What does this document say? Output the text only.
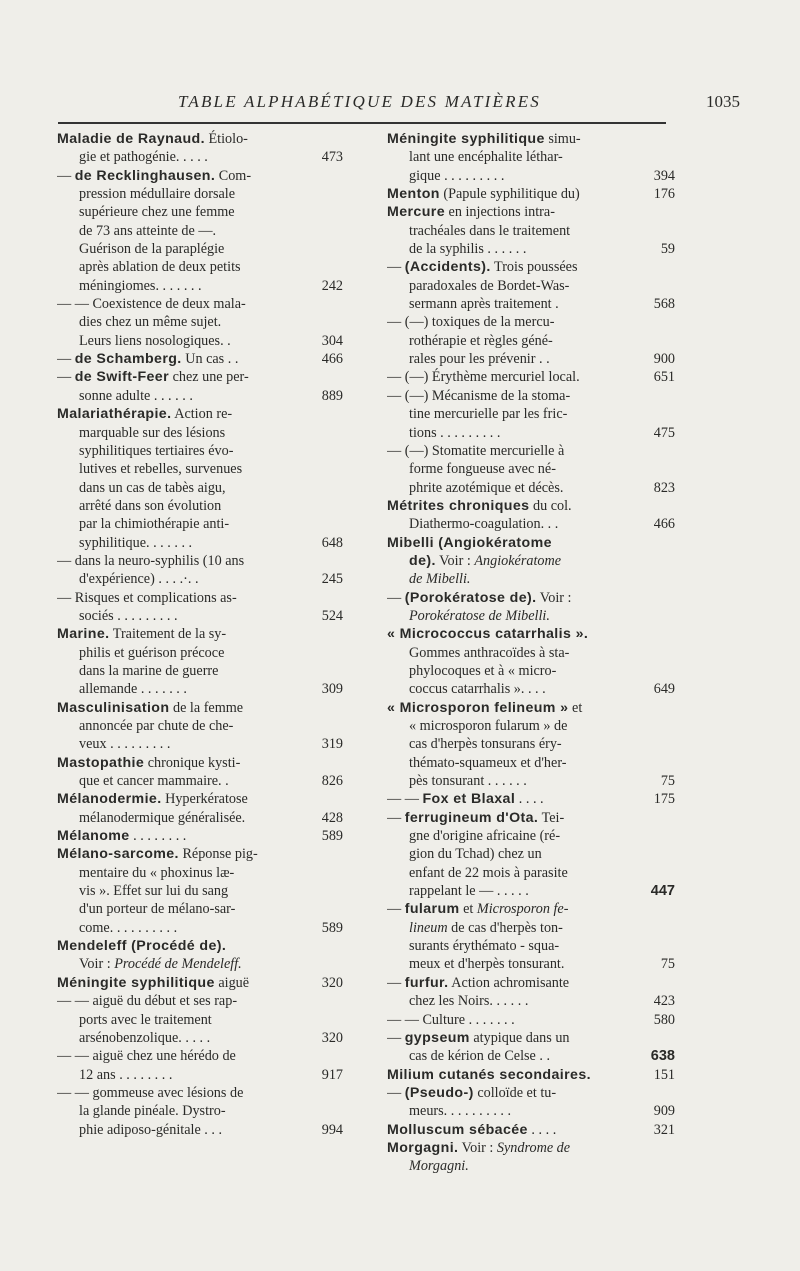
TABLE ALPHABÉTIQUE DES MATIÈRES	1035
Maladie de Raynaud. Étiolo-
gie et pathogénie. . . . .	473
— de Recklinghausen. Com-
pression médullaire dorsale
supérieure chez une femme
de 73 ans atteinte de —.
Guérison de la paraplégie
après ablation de deux petits
méningiomes. . . . . . .	242
— — Coexistence de deux mala-
dies chez un même sujet.
Leurs liens nosologiques. .	304
— de Schamberg. Un cas . .	466
— de Swift-Feer chez une per-
sonne adulte . . . . . .	889
Malariathérapie. Action re-
marquable sur des lésions
syphilitiques tertiaires évo-
lutives et rebelles, survenues
dans un cas de tabès aigu,
arrêté dans son évolution
par la chimiothérapie anti-
syphilitique. . . . . . .	648
— dans la neuro-syphilis (10 ans
d'expérience) . . . .·. .	245
— Risques et complications as-
sociés . . . . . . . . .	524
Marine. Traitement de la sy-
philis et guérison précoce
dans la marine de guerre
allemande . . . . . . .	309
Masculinisation de la femme
annoncée par chute de che-
veux . . . . . . . . .	319
Mastopathie chronique kysti-
que et cancer mammaire. .	826
Mélanodermie. Hyperkératose
mélanodermique généralisée.	428
Mélanome . . . . . . . .	589
Mélano-sarcome. Réponse pig-
mentaire du « phoxinus læ-
vis ». Effet sur lui du sang
d'un porteur de mélano-sar-
come. . . . . . . . . .	589
Mendeleff (Procédé de).
Voir : Procédé de Mendeleff.
Méningite syphilitique aiguë	320
— — aiguë du début et ses rap-
ports avec le traitement
arsénobenzolique. . . . .	320
— — aiguë chez une hérédo de
12 ans . . . . . . . .	917
— — gommeuse avec lésions de
la glande pinéale. Dystro-
phie adiposo-génitale . . .	994
Méningite syphilitique simu-
lant une encéphalite léthar-
gique . . . . . . . . .	394
Menton (Papule syphilitique du)	176
Mercure en injections intra-
trachéales dans le traitement
de la syphilis . . . . . .	59
— (Accidents). Trois poussées
paradoxales de Bordet-Was-
sermann après traitement .	568
— (—) toxiques de la mercu-
rothérapie et règles géné-
rales pour les prévenir . .	900
— (—) Érythème mercuriel local.	651
— (—) Mécanisme de la stoma-
tine mercurielle par les fric-
tions . . . . . . . . .	475
— (—) Stomatite mercurielle à
forme fongueuse avec né-
phrite azotémique et décès.	823
Métrites chroniques du col.
Diathermo-coagulation. . .	466
Mibelli (Angiokératome
de). Voir : Angiokératome
de Mibelli.
— (Porokératose de). Voir :
Porokératose de Mibelli.
« Micrococcus catarrhalis ».
Gommes anthracoïdes à sta-
phylocoques et à « micro-
coccus catarrhalis ». . . .	649
« Microsporon felineum » et
« microsporon fularum » de
cas d'herpès tonsurans éry-
thémato-squameux et d'her-
pès tonsurant . . . . . .	75
— — Fox et Blaxal . . . .	175
— ferrugineum d'Ota. Tei-
gne d'origine africaine (ré-
gion du Tchad) chez un
enfant de 22 mois à parasite
rappelant le — . . . . .	447
— fularum et Microsporon fe-
lineum de cas d'herpès ton-
surants érythémato - squa-
meux et d'herpès tonsurant.	75
— furfur. Action achromisante
chez les Noirs. . . . . .	423
— — Culture . . . . . . .	580
— gypseum atypique dans un
cas de kérion de Celse . .	638
Milium cutanés secondaires.	151
— (Pseudo-) colloïde et tu-
meurs. . . . . . . . . .	909
Molluscum sébacée . . . .	321
Morgagni. Voir : Syndrome de
Morgagni.
